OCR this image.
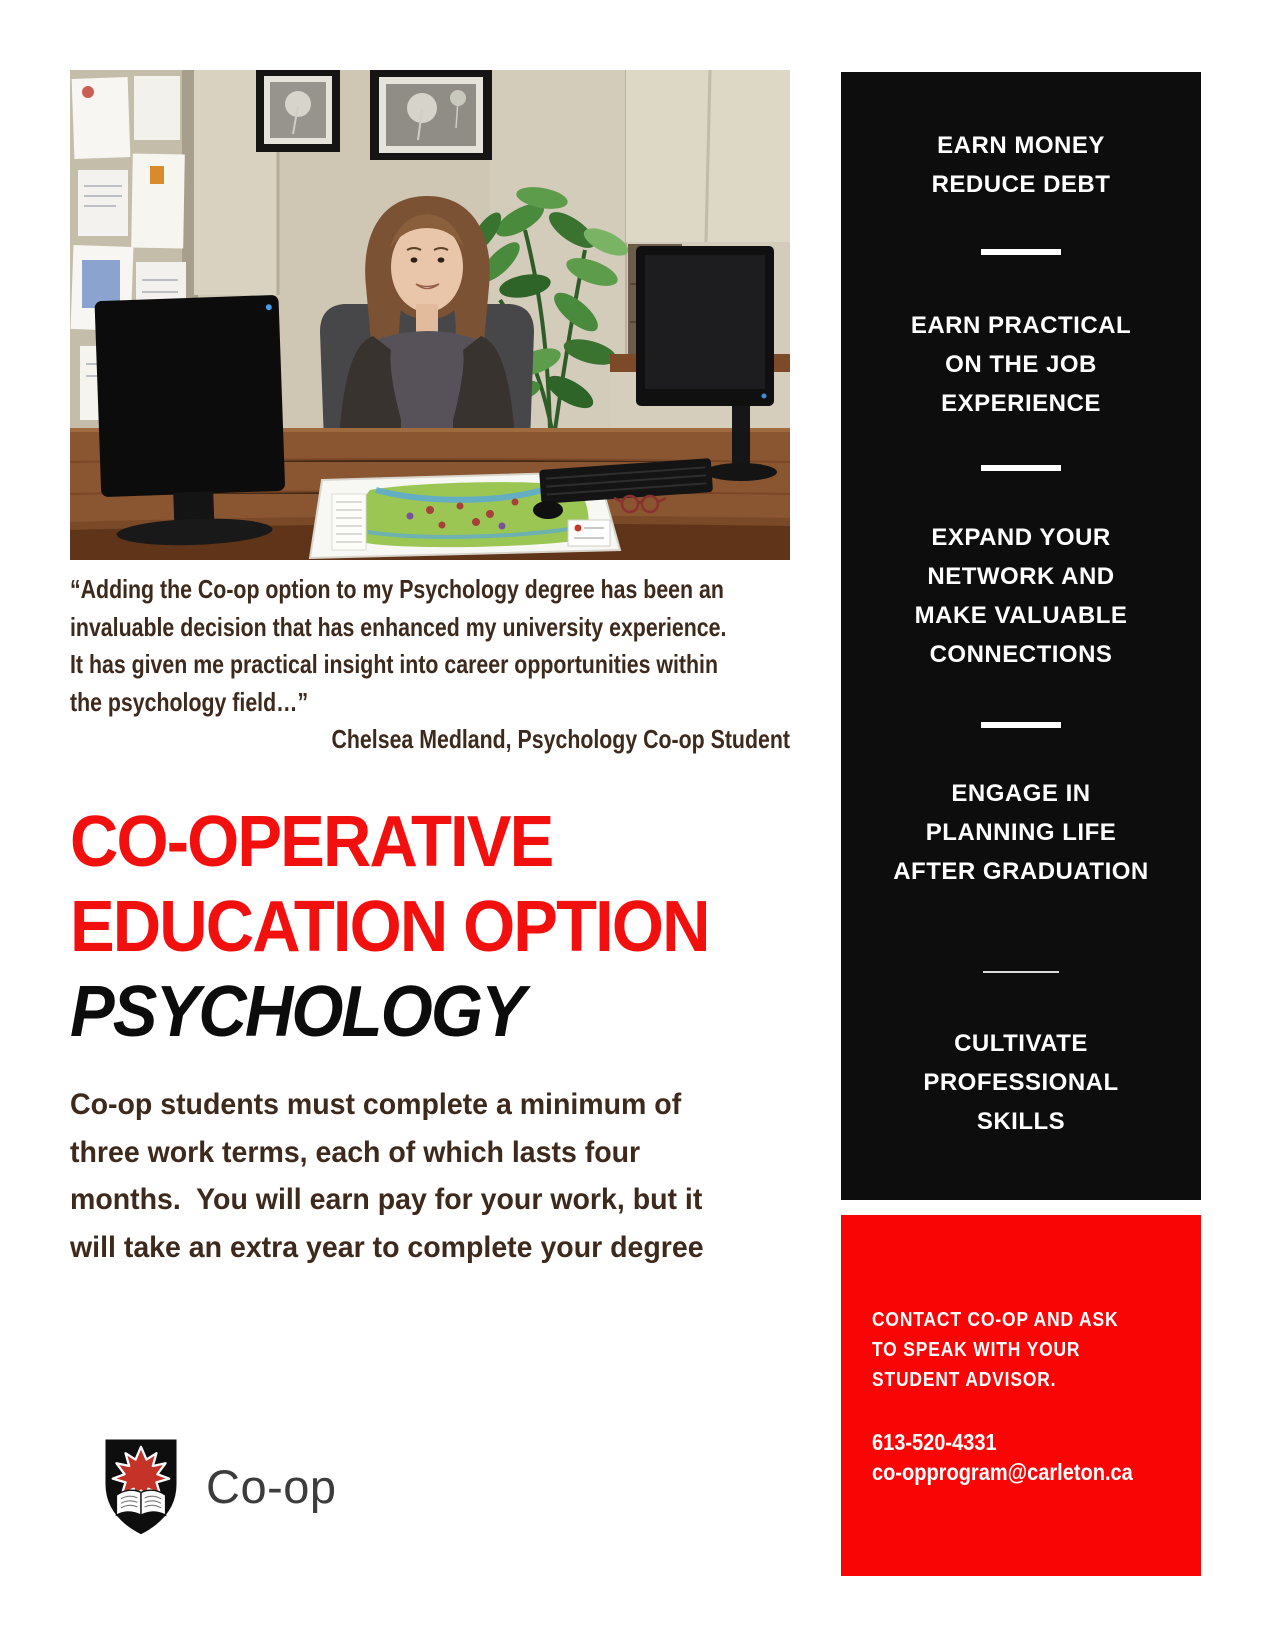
“Adding the Co-op option to my Psychology degree has been an
invaluable decision that has enhanced my university experience.
It has given me practical insight into career opportunities within
the psychology field…”
Chelsea Medland, Psychology Co-op Student
CO-OPERATIVE
EDUCATION OPTION
PSYCHOLOGY
Co-op students must complete a minimum of
three work terms, each of which lasts four
months.  You will earn pay for your work, but it
will take an extra year to complete your degree
EARN MONEY
REDUCE DEBT
EARN PRACTICAL
ON THE JOB
EXPERIENCE
EXPAND YOUR
NETWORK AND
MAKE VALUABLE
CONNECTIONS
ENGAGE IN
PLANNING LIFE
AFTER GRADUATION
CULTIVATE
PROFESSIONAL
SKILLS
CONTACT CO-OP AND ASK
TO SPEAK WITH YOUR
STUDENT ADVISOR.
613-520-4331
co-opprogram@carleton.ca
Co-op
